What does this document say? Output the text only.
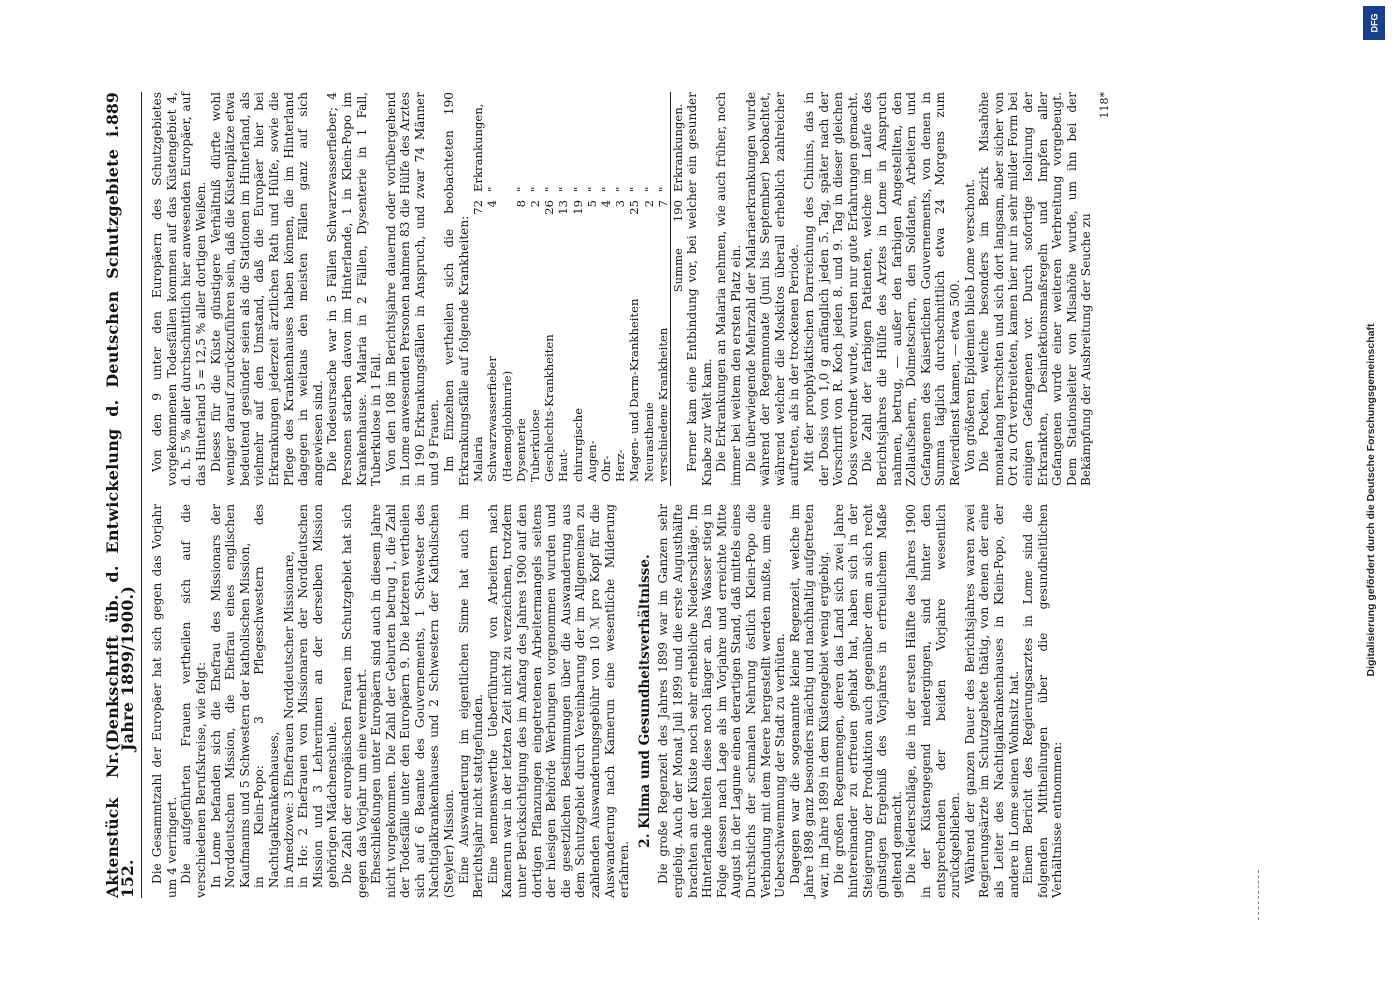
Aktenstück Nr. 152.
(Denkschrift üb. d. Entwickelung d. Deutschen Schutzgebiete i. Jahre 1899/1900.)
889

Die Gesammtzahl der Europäer hat sich gegen das Vorjahr um 4 verringert. Die aufgeführten Frauen vertheilen sich auf die verschiedenen Berufskreise, wie folgt: In Lome befanden sich die Ehefrau des Missionars der Norddeutschen Mission, die Ehefrau eines englischen Kaufmanns und 5 Schwestern der katholischen Mission, in Klein-Popo: 3 Pflegeschwestern des Nachtigalkrankenhauses, in Amedzowe: 3 Ehefrauen Norddeutscher Missionare, in Ho: 2 Ehefrauen von Missionaren der Norddeutschen Mission und 3 Lehrerinnen an der derselben Mission gehörigen Mädchenschule. Die Zahl der europäischen Frauen im Schutzgebiet hat sich gegen das Vorjahr um eine vermehrt. Eheschließungen unter Europäern sind auch in diesem Jahre nicht vorgekommen. Die Zahl der Geburten betrug 1, die Zahl der Todesfälle unter den Europäern 9. Die letzteren vertheilen sich auf 6 Beamte des Gouvernements, 1 Schwester des Nachtigalkrankenhauses und 2 Schwestern der Katholischen (Steyler) Mission. Eine Auswanderung im eigentlichen Sinne hat auch im Berichtsjahr nicht stattgefunden. Eine nennenswerthe Ueberführung von Arbeitern nach Kamerun war in der letzten Zeit nicht zu verzeichnen, trotzdem unter Berücksichtigung des im Anfang des Jahres 1900 auf den dortigen Pflanzungen eingetretenen Arbeitermangels seitens der hiesigen Behörde Werbungen vorgenommen wurden und die gesetzlichen Bestimmungen über die Auswanderung aus dem Schutzgebiet durch Vereinbarung der im Allgemeinen zu zahlenden Auswanderungsgebühr von 10 ℳ pro Kopf für die Auswanderung nach Kamerun eine wesentliche Milderung erfahren.

2. Klima und Gesundheitsverhältnisse. Die große Regenzeit des Jahres 1899 war im Ganzen sehr ergiebig. Auch der Monat Juli 1899 und die erste Augusthälfte brachten an der Küste noch sehr erhebliche Niederschläge. Im Hinterlande hielten diese noch länger an. Das Wasser stieg in Folge dessen nach Lage als im Vorjahre und erreichte Mitte August in der Lagune einen derartigen Stand, daß mittels eines Durchstichs der schmalen Nehrung östlich Klein-Popo die Verbindung mit dem Meere hergestellt werden mußte, um eine Ueberschwemmung der Stadt zu verhüten. Dagegen war die sogenannte kleine Regenzeit, welche im Jahre 1898 ganz besonders mächtig und nachhaltig aufgetreten war, im Jahre 1899 in dem Küstengebiet wenig ergiebig. Die großen Regenmengen, deren das Land sich zwei Jahre hintereinander zu erfreuen gehabt hat, haben sich in der Steigerung der Produktion auch gegenüber dem an sich recht günstigen Ergebniß des Vorjahres in erfreulichem Maße geltend gemacht. Die Niederschläge, die in der ersten Hälfte des Jahres 1900 in der Küstengegend niedergingen, sind hinter den entsprechenden der beiden Vorjahre wesentlich zurückgeblieben. Während der ganzen Dauer des Berichtsjahres waren zwei Regierungsärzte im Schutzgebiete thätig, von denen der eine als Leiter des Nachtigalkrankenhauses in Klein-Popo, der andere in Lome seinen Wohnsitz hat. Einem Bericht des Regierungsarztes in Lome sind die folgenden Mittheilungen über die gesundheitlichen Verhältnisse entnommen:

Von den 9 unter den Europäern des Schutzgebietes vorgekommenen Todesfällen kommen auf das Küstengebiet 4, d. h. 5 % aller durchschnittlich hier anwesenden Europäer, auf das Hinterland 5 = 12,5 % aller dortigen Weißen. Dieses für die Küste günstigere Verhältniß dürfte wohl weniger darauf zurückzuführen sein, daß die Küstenplätze etwa bedeutend gesünder seien als die Stationen im Hinterland, als vielmehr auf den Umstand, daß die Europäer hier bei Erkrankungen jederzeit ärztlichen Rath und Hülfe, sowie die Pflege des Krankenhauses haben können, die im Hinterland dagegen in weitaus den meisten Fällen ganz auf sich angewiesen sind. Die Todesursache war in 5 Fällen Schwarzwasserfieber; 4 Personen starben davon im Hinterlande, 1 in Klein-Popo im Krankenhause. Malaria in 2 Fällen, Dysenterie in 1 Fall, Tuberkulose in 1 Fall. Von den 108 im Berichtsjahre dauernd oder vorübergehend in Lome anwesenden Personen nahmen 83 die Hülfe des Arztes in 190 Erkrankungsfällen in Anspruch, und zwar 74 Männer und 9 Frauen. Im Einzelnen vertheilen sich die beobachteten 190 Erkrankungsfälle auf folgende Krankheiten: Malaria	72	Erkrankungen,
Schwarzwasserfieber (Haemoglobinurie)	4	"
Dysenterie	8	"
Tuberkulose	2	"
Geschlechts-Krankheiten	26	"
Haut-	13	"
chirurgische	19	"
Augen-	5	"
Ohr-	4	"
Herz-	3	"
Magen- und Darm-Krankheiten	25	"
Neurasthenie	2	"
verschiedene Krankheiten	7	"
Summe	190	Erkrankungen. Ferner kam eine Entbindung vor, bei welcher ein gesunder Knabe zur Welt kam. Die Erkrankungen an Malaria nehmen, wie auch früher, noch immer bei weitem den ersten Platz ein. Die überwiegende Mehrzahl der Malariaerkrankungen wurde während der Regenmonate (Juni bis September) beobachtet, während welcher die Moskitos überall erheblich zahlreicher auftreten, als in der trockenen Periode. Mit der prophylaktischen Darreichung des Chinins, das in der Dosis von 1,0 g anfänglich jeden 5. Tag, später nach der Vorschrift von R. Koch jeden 8. und 9. Tag in dieser gleichen Dosis verordnet wurde, wurden nur gute Erfahrungen gemacht. Die Zahl der farbigen Patienten, welche im Laufe des Berichtsjahres die Hülfe des Arztes in Lome in Anspruch nahmen, betrug, — außer den farbigen Angestellten, den Zollaufsehern, Dolmetschern, den Soldaten, Arbeitern und Gefangenen des Kaiserlichen Gouvernements, von denen in Summa täglich durchschnittlich etwa 24 Morgens zum Revierdienst kamen, — etwa 500. Von größeren Epidemien blieb Lome verschont. Die Pocken, welche besonders im Bezirk Misahöhe monatelang herrschten und sich dort langsam, aber sicher von Ort zu Ort verbreiteten, kamen hier nur in sehr milder Form bei einigen Gefangenen vor. Durch sofortige Isolirung der Erkrankten, Desinfektionsmaßregeln und Impfen aller Gefangenen wurde einer weiteren Verbreitung vorgebeugt. Dem Stationsleiter von Misahöhe wurde, um ihn bei der Bekämpfung der Ausbreitung der Seuche zu

118*
DFG
Digitalisierung gefördert durch die Deutsche Forschungsgemeinschaft
